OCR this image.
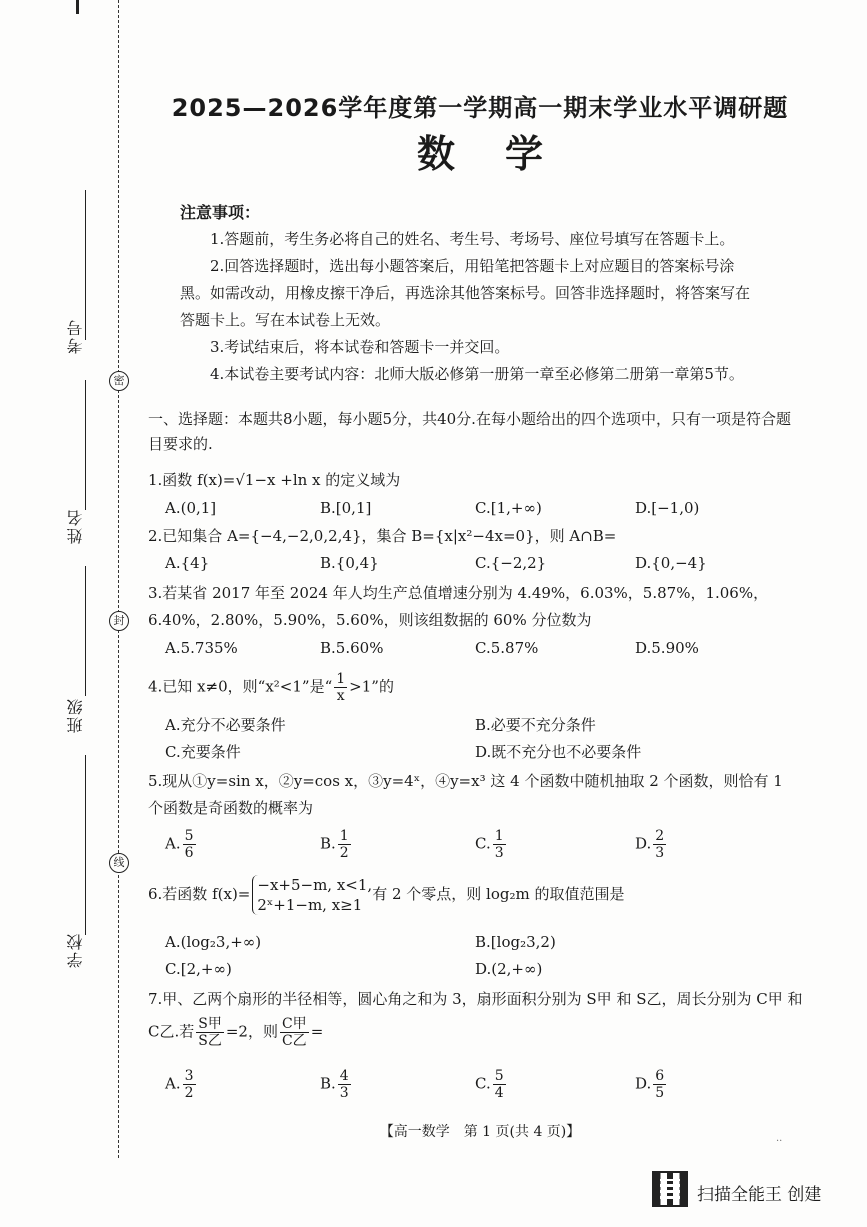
考号
密
姓名
封
班级
线
学校
2025—2026学年度第一学期高一期末学业水平调研题
数学
注意事项：

1.答题前，考生务必将自己的姓名、考生号、考场号、座位号填写在答题卡上。

2.回答选择题时，选出每小题答案后，用铅笔把答题卡上对应题目的答案标号涂黑。如需改动，用橡皮擦干净后，再选涂其他答案标号。回答非选择题时，将答案写在答题卡上。写在本试卷上无效。

3.考试结束后，将本试卷和答题卡一并交回。

4.本试卷主要考试内容：北师大版必修第一册第一章至必修第二册第一章第5节。

一、选择题：本题共8小题，每小题5分，共40分.在每小题给出的四个选项中，只有一项是符合题目要求的.
1.函数 f(x)=√1−x +ln x 的定义域为
A.(0,1]	B.[0,1]	C.[1,+∞)	D.[−1,0)
2.已知集合 A={−4,−2,0,2,4}，集合 B={x|x²−4x=0}，则 A∩B=
A.{4}	B.{0,4}	C.{−2,2}	D.{0,−4}
3.若某省 2017 年至 2024 年人均生产总值增速分别为 4.49%，6.03%，5.87%，1.06%，6.40%，2.80%，5.90%，5.60%，则该组数据的 60% 分位数为
A.5.735%	B.5.60%	C.5.87%	D.5.90%
4.已知 x≠0，则“x²<1”是“ $\frac{1}{x} >1$”的
A.充分不必要条件	B.必要不充分条件
C.充要条件	D.既不充分也不必要条件
5.现从①y=sin x，②y=cos x，③y=4ˣ，④y=x³ 这 4 个函数中随机抽取 2 个函数，则恰有 1 个函数是奇函数的概率为
A. $\frac{5}{6}$	B. $\frac{1}{2}$	C. $\frac{1}{3}$	D. $\frac{2}{3}$
6.若函数 f(x)= −x+5−m, x<1,
2ˣ+1−m, x≥1
有 2 个零点，则 log₂m 的取值范围是
A.(log₂3,+∞)	B.[log₂3,2)
C.[2,+∞)	D.(2,+∞)
7.甲、乙两个扇形的半径相等，圆心角之和为 3，扇形面积分别为 S甲 和 S乙，周长分别为 C甲 和
C乙.若 $\frac{\text{S甲}}{\text{S乙}} =2$，则 $\frac{\text{C甲}}{\text{C乙}}$ =
A. $\frac{3}{2}$	B. $\frac{4}{3}$	C. $\frac{5}{4}$	D. $\frac{6}{5}$
【高一数学　第 1 页(共 4 页)】
··
扫描全能王 创建
